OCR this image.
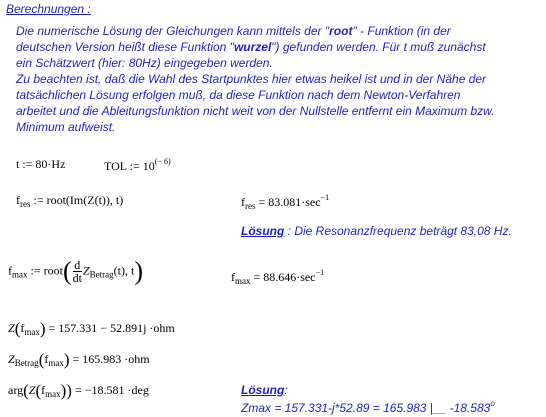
Berechnungen :
Die numerische Lösung der Gleichungen kann mittels der "root" - Funktion (in der
deutschen Version heißt diese Funktion "wurzel") gefunden werden. Für t muß zunächst
ein Schätzwert (hier: 80Hz) eingegeben werden.
Zu beachten ist, daß die Wahl des Startpunktes hier etwas heikel ist und in der Nähe der
tatsächlichen Lösung erfolgen muß, da diese Funktion nach dem Newton-Verfahren
arbeitet und die Ableitungsfunktion nicht weit von der Nullstelle entfernt ein Maximum bzw.
Minimum aufweist.
t := 80·Hz	TOL := $10^{(- 6)}$
$f_{res}$ := root(Im(Z(t)), t)	$f_{res} = 83.081\cdot\sec^{-1}$
Lösung : Die Resonanzfrequenz beträgt 83,08 Hz.
$f_{max}$ := root( $\frac{d}{dt} Z_{Betrag}(t)$, t)	$f_{max} = 88.646\cdot\sec^{-1}$
$Z(f_{max}) = 157.331 - 52.891j \cdot ohm$
$Z_{Betrag}(f_{max}) = 165.983 \cdot ohm$
$arg(Z(f_{max})) = -18.581 \cdot deg$	Lösung:
Zmax = 157.331-j*52.89 = 165.983 |__ -18.583$^o$
